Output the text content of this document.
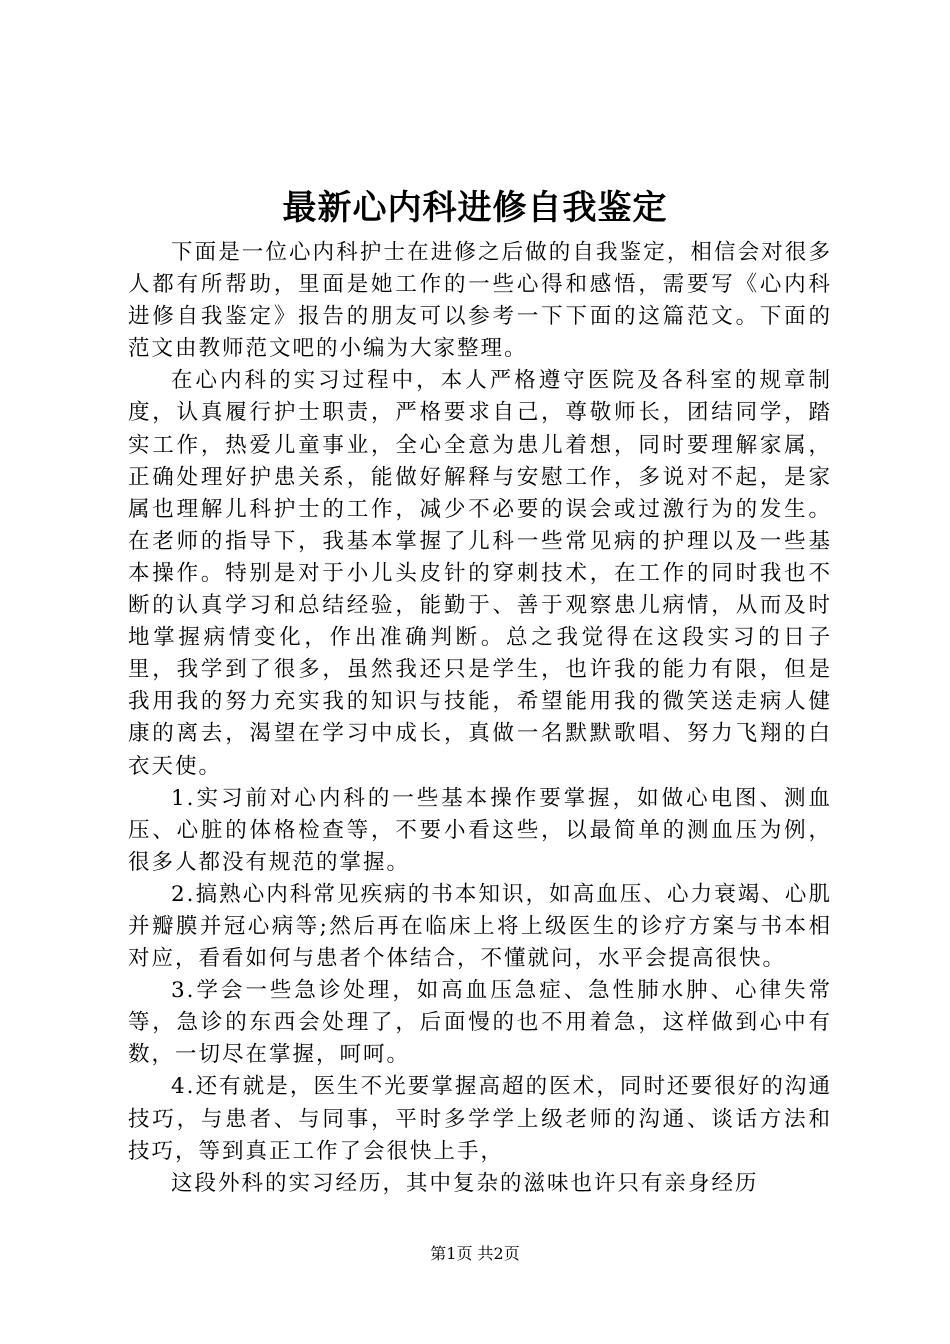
最新心内科进修自我鉴定

下面是一位心内科护士在进修之后做的自我鉴定，相信会对很多人都有所帮助，里面是她工作的一些心得和感悟，需要写《心内科进修自我鉴定》报告的朋友可以参考一下下面的这篇范文。下面的范文由教师范文吧的小编为大家整理。

在心内科的实习过程中，本人严格遵守医院及各科室的规章制度，认真履行护士职责，严格要求自己，尊敬师长，团结同学，踏实工作，热爱儿童事业，全心全意为患儿着想，同时要理解家属，正确处理好护患关系，能做好解释与安慰工作，多说对不起，是家属也理解儿科护士的工作，减少不必要的误会或过激行为的发生。在老师的指导下，我基本掌握了儿科一些常见病的护理以及一些基本操作。特别是对于小儿头皮针的穿刺技术，在工作的同时我也不断的认真学习和总结经验，能勤于、善于观察患儿病情，从而及时地掌握病情变化，作出准确判断。总之我觉得在这段实习的日子里，我学到了很多，虽然我还只是学生，也许我的能力有限，但是我用我的努力充实我的知识与技能，希望能用我的微笑送走病人健康的离去，渴望在学习中成长，真做一名默默歌唱、努力飞翔的白衣天使。

1.实习前对心内科的一些基本操作要掌握，如做心电图、测血压、心脏的体格检查等，不要小看这些，以最简单的测血压为例，很多人都没有规范的掌握。

2.搞熟心内科常见疾病的书本知识，如高血压、心力衰竭、心肌并瓣膜并冠心病等;然后再在临床上将上级医生的诊疗方案与书本相对应，看看如何与患者个体结合，不懂就问，水平会提高很快。

3.学会一些急诊处理，如高血压急症、急性肺水肿、心律失常等，急诊的东西会处理了，后面慢的也不用着急，这样做到心中有数，一切尽在掌握，呵呵。

4.还有就是，医生不光要掌握高超的医术，同时还要很好的沟通技巧，与患者、与同事，平时多学学上级老师的沟通、谈话方法和技巧，等到真正工作了会很快上手，

这段外科的实习经历，其中复杂的滋味也许只有亲身经历

第1页 共2页
